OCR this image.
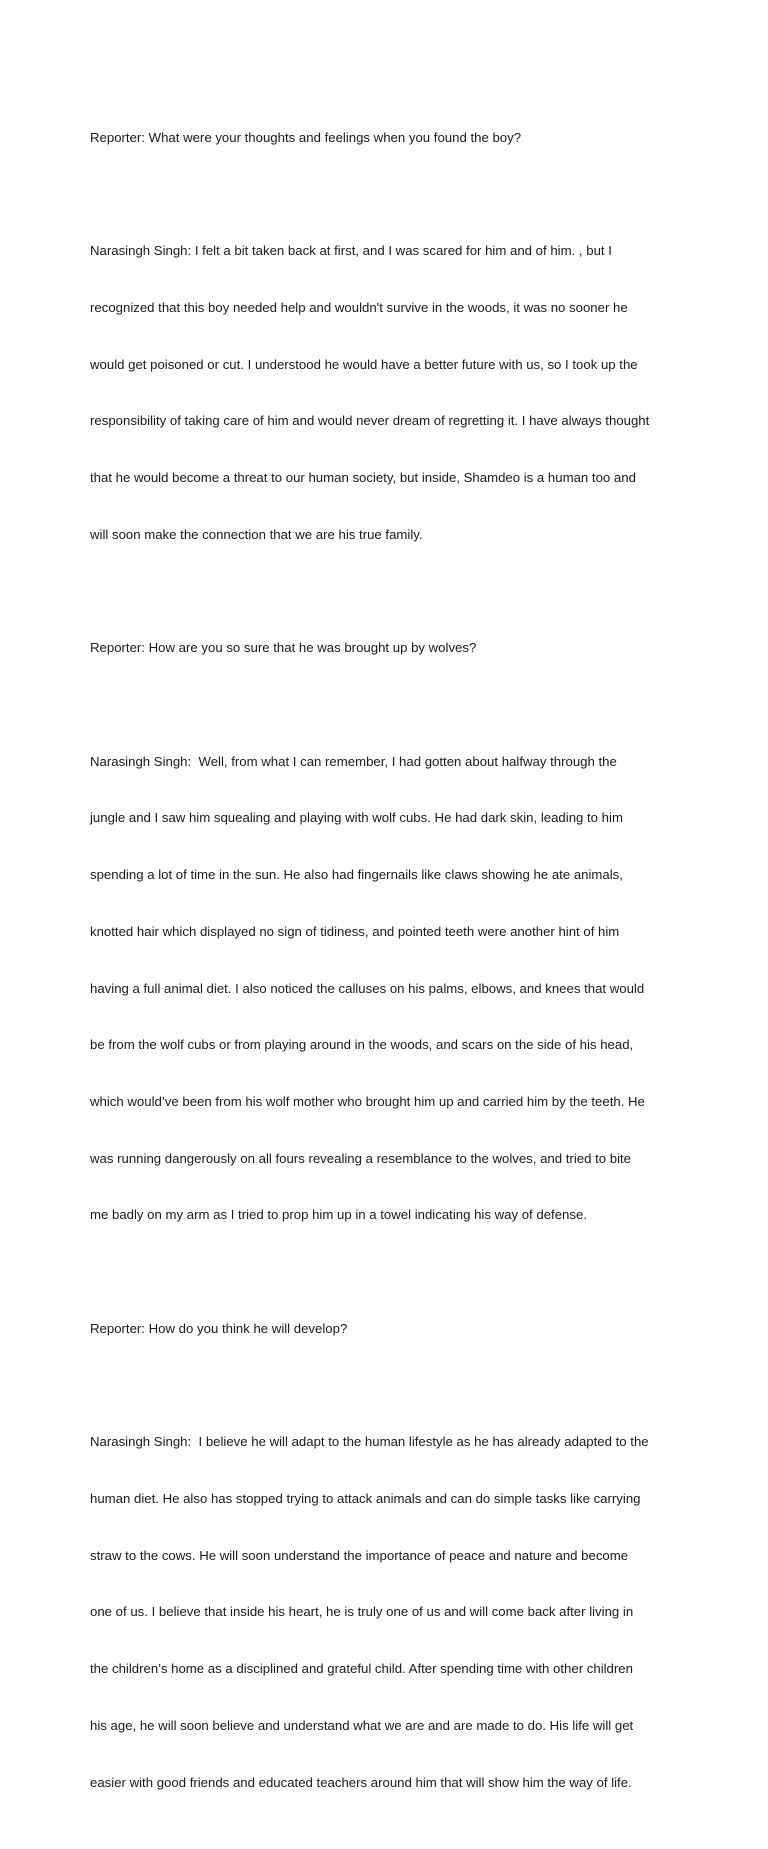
Reporter: What were your thoughts and feelings when you found the boy?

Narasingh Singh: I felt a bit taken back at first, and I was scared for him and of him. , but I

recognized that this boy needed help and wouldn't survive in the woods, it was no sooner he

would get poisoned or cut. I understood he would have a better future with us, so I took up the

responsibility of taking care of him and would never dream of regretting it. I have always thought

that he would become a threat to our human society, but inside, Shamdeo is a human too and

will soon make the connection that we are his true family.

Reporter: How are you so sure that he was brought up by wolves?

Narasingh Singh:  Well, from what I can remember, I had gotten about halfway through the

jungle and I saw him squealing and playing with wolf cubs. He had dark skin, leading to him

spending a lot of time in the sun. He also had fingernails like claws showing he ate animals,

knotted hair which displayed no sign of tidiness, and pointed teeth were another hint of him

having a full animal diet. I also noticed the calluses on his palms, elbows, and knees that would

be from the wolf cubs or from playing around in the woods, and scars on the side of his head,

which would’ve been from his wolf mother who brought him up and carried him by the teeth. He

was running dangerously on all fours revealing a resemblance to the wolves, and tried to bite

me badly on my arm as I tried to prop him up in a towel indicating his way of defense.

Reporter: How do you think he will develop?

Narasingh Singh:  I believe he will adapt to the human lifestyle as he has already adapted to the

human diet. He also has stopped trying to attack animals and can do simple tasks like carrying

straw to the cows. He will soon understand the importance of peace and nature and become

one of us. I believe that inside his heart, he is truly one of us and will come back after living in

the children’s home as a disciplined and grateful child. After spending time with other children

his age, he will soon believe and understand what we are and are made to do. His life will get

easier with good friends and educated teachers around him that will show him the way of life.
